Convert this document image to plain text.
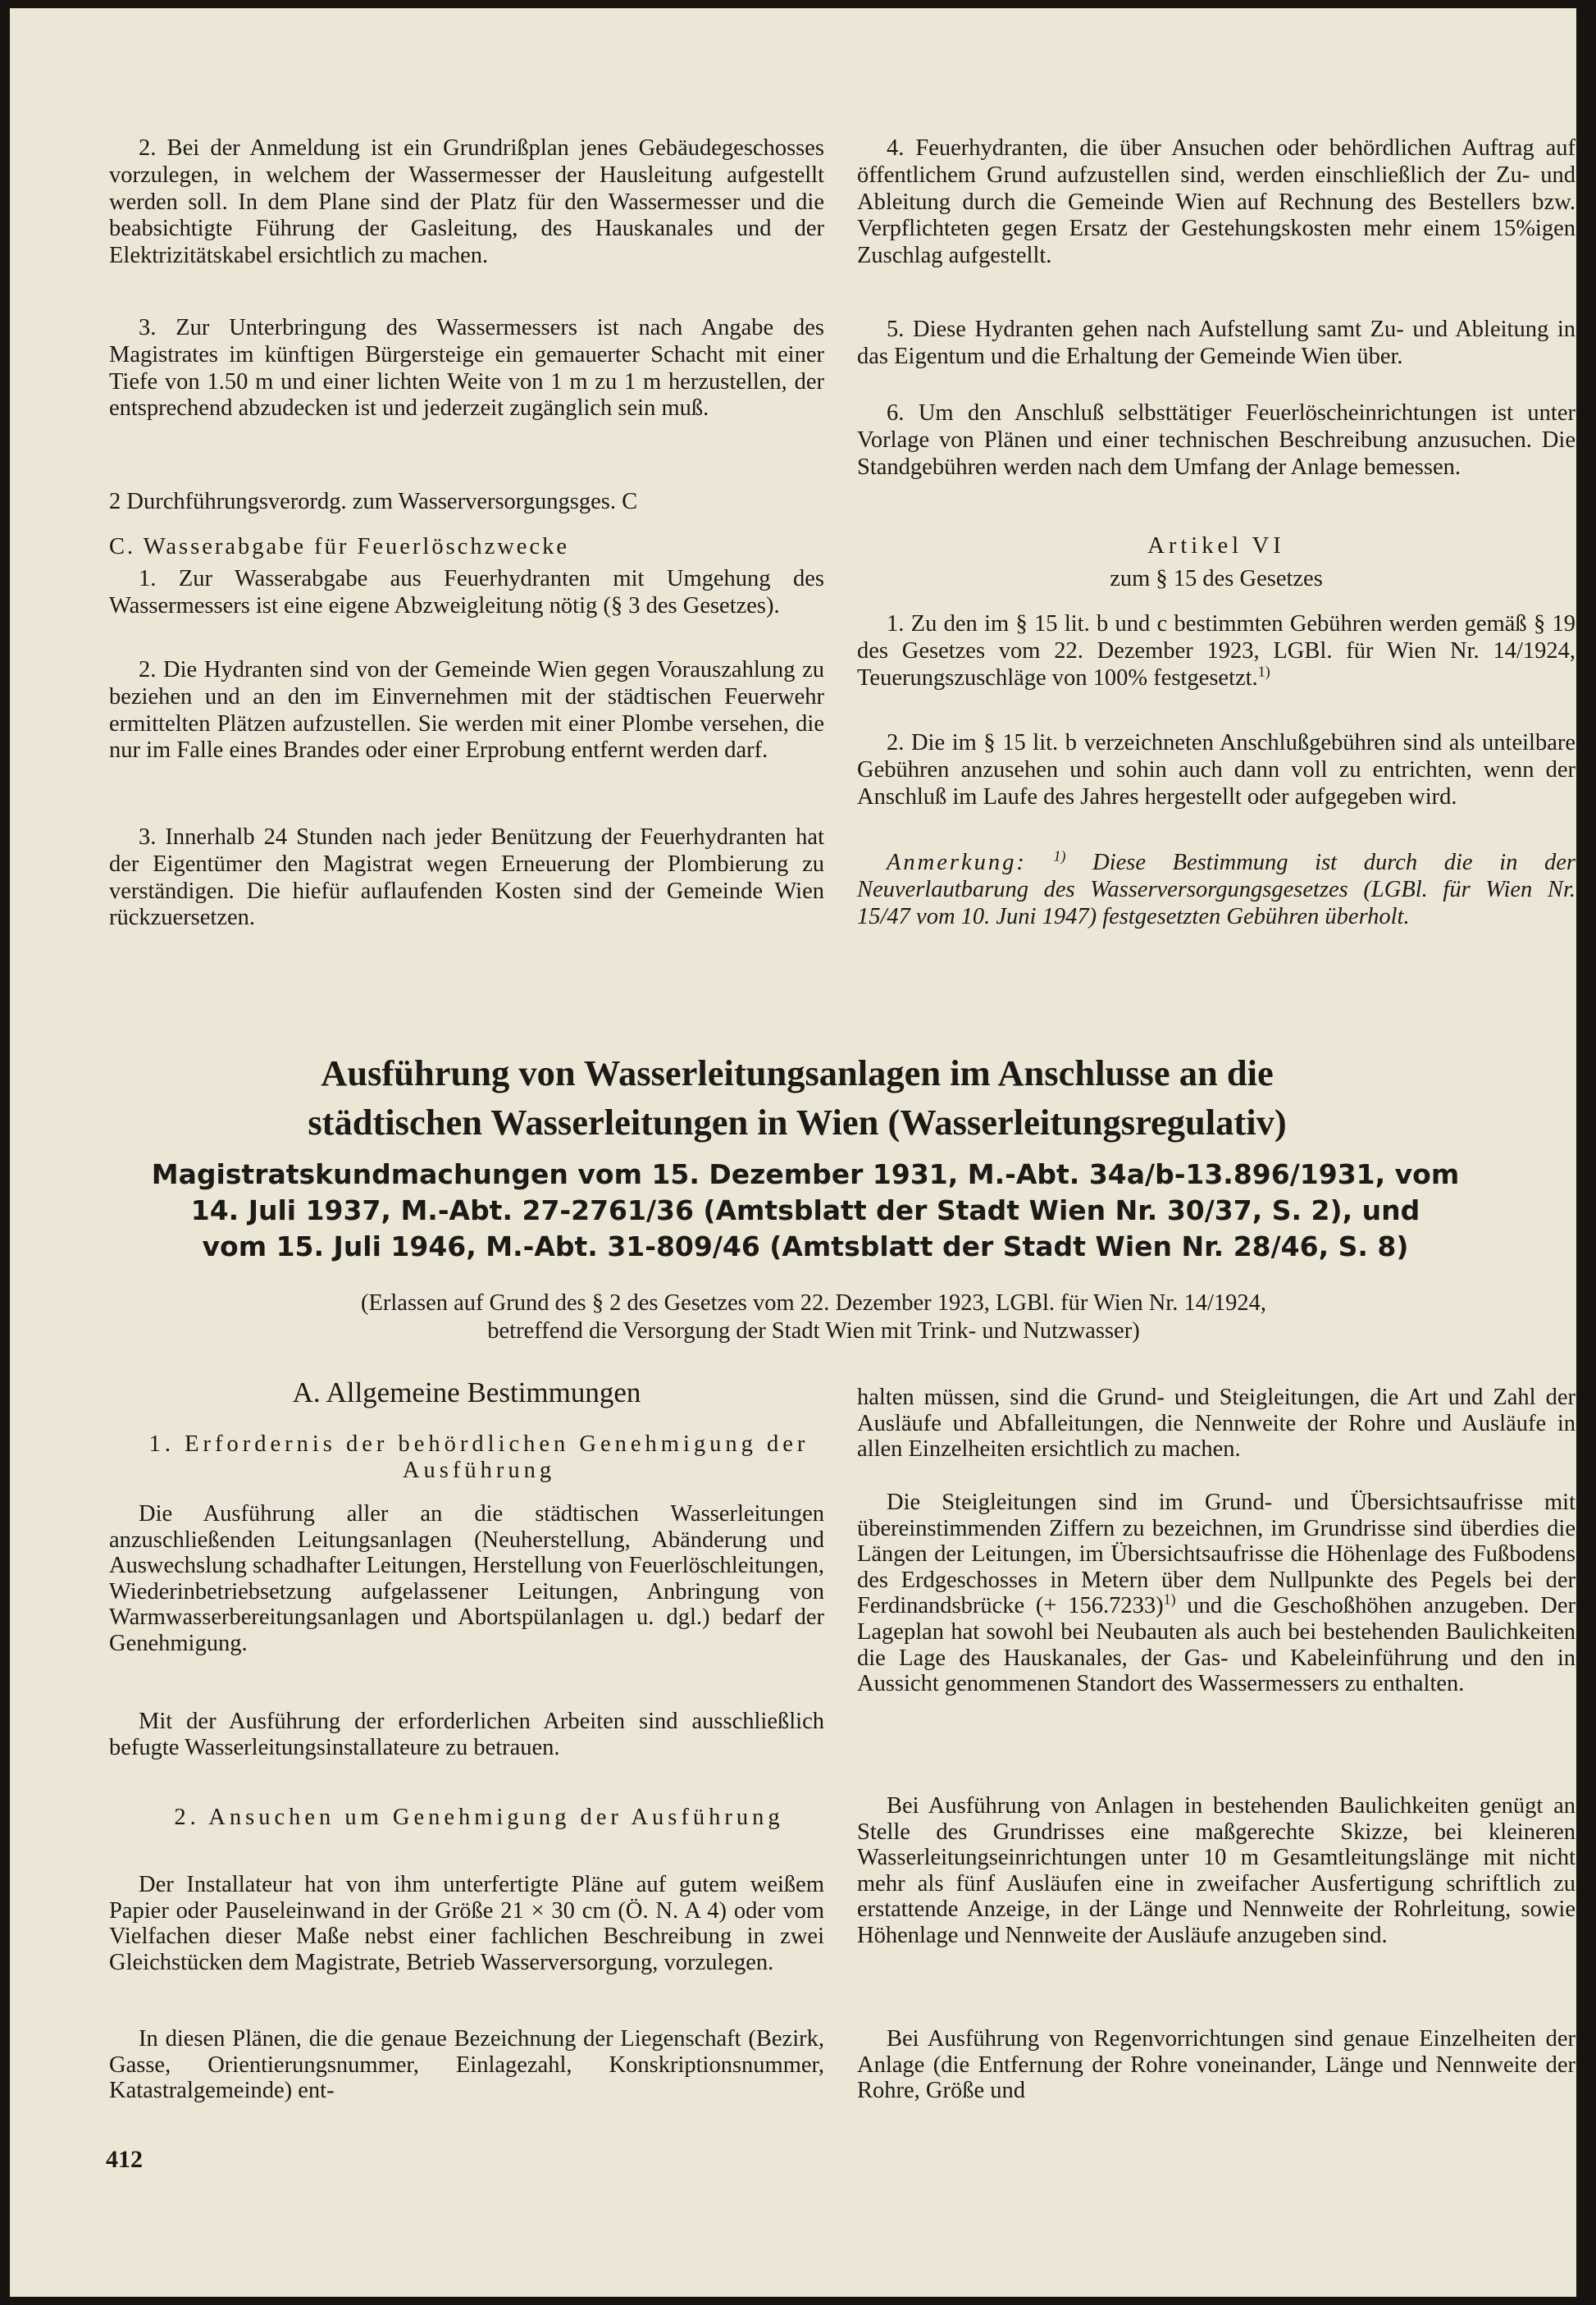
2. Bei der Anmeldung ist ein Grundrißplan jenes Gebäudegeschosses vorzulegen, in welchem der Wassermesser der Hausleitung aufgestellt werden soll. In dem Plane sind der Platz für den Wassermesser und die beabsichtigte Führung der Gasleitung, des Hauskanales und der Elektrizitätskabel ersichtlich zu machen.

3. Zur Unterbringung des Wassermessers ist nach Angabe des Magistrates im künftigen Bürgersteige ein gemauerter Schacht mit einer Tiefe von 1.50 m und einer lichten Weite von 1 m zu 1 m herzustellen, der entsprechend abzudecken ist und jederzeit zugänglich sein muß.

2 Durchführungsverordg. zum Wasserversorgungsges. C

C. Wasserabgabe für Feuerlöschzwecke

1. Zur Wasserabgabe aus Feuerhydranten mit Umgehung des Wassermessers ist eine eigene Abzweigleitung nötig (§ 3 des Gesetzes).

2. Die Hydranten sind von der Gemeinde Wien gegen Vorauszahlung zu beziehen und an den im Einvernehmen mit der städtischen Feuerwehr ermittelten Plätzen aufzustellen. Sie werden mit einer Plombe versehen, die nur im Falle eines Brandes oder einer Erprobung entfernt werden darf.

3. Innerhalb 24 Stunden nach jeder Benützung der Feuerhydranten hat der Eigentümer den Magistrat wegen Erneuerung der Plombierung zu verständigen. Die hiefür auflaufenden Kosten sind der Gemeinde Wien rückzuersetzen.

4. Feuerhydranten, die über Ansuchen oder behördlichen Auftrag auf öffentlichem Grund aufzustellen sind, werden einschließlich der Zu- und Ableitung durch die Gemeinde Wien auf Rechnung des Bestellers bzw. Verpflichteten gegen Ersatz der Gestehungskosten mehr einem 15%igen Zuschlag aufgestellt.

5. Diese Hydranten gehen nach Aufstellung samt Zu- und Ableitung in das Eigentum und die Erhaltung der Gemeinde Wien über.

6. Um den Anschluß selbsttätiger Feuerlöscheinrichtungen ist unter Vorlage von Plänen und einer technischen Beschreibung anzusuchen. Die Standgebühren werden nach dem Umfang der Anlage bemessen.

Artikel VI

zum § 15 des Gesetzes

1. Zu den im § 15 lit. b und c bestimmten Gebühren werden gemäß § 19 des Gesetzes vom 22. Dezember 1923, LGBl. für Wien Nr. 14/1924, Teuerungszuschläge von 100% festgesetzt.$^{1)}$

2. Die im § 15 lit. b verzeichneten Anschlußgebühren sind als unteilbare Gebühren anzusehen und sohin auch dann voll zu entrichten, wenn der Anschluß im Laufe des Jahres hergestellt oder aufgegeben wird.

Anmerkung: $^{1)}$ Diese Bestimmung ist durch die in der Neuverlautbarung des Wasserversorgungsgesetzes (LGBl. für Wien Nr. 15/47 vom 10. Juni 1947) festgesetzten Gebühren überholt.

Ausführung von Wasserleitungsanlagen im Anschlusse an die

städtischen Wasserleitungen in Wien (Wasserleitungsregulativ)

Magistratskundmachungen vom 15. Dezember 1931, M.-Abt. 34a/b-13.896/1931, vom

14. Juli 1937, M.-Abt. 27-2761/36 (Amtsblatt der Stadt Wien Nr. 30/37, S. 2), und

vom 15. Juli 1946, M.-Abt. 31-809/46 (Amtsblatt der Stadt Wien Nr. 28/46, S. 8)

(Erlassen auf Grund des § 2 des Gesetzes vom 22. Dezember 1923, LGBl. für Wien Nr. 14/1924,

betreffend die Versorgung der Stadt Wien mit Trink- und Nutzwasser)

A. Allgemeine Bestimmungen

1. Erfordernis der behördlichen Genehmigung der Ausführung

Die Ausführung aller an die städtischen Wasserleitungen anzuschließenden Leitungsanlagen (Neuherstellung, Abänderung und Auswechslung schadhafter Leitungen, Herstellung von Feuerlöschleitungen, Wiederinbetriebsetzung aufgelassener Leitungen, Anbringung von Warmwasserbereitungsanlagen und Abortspülanlagen u. dgl.) bedarf der Genehmigung.

Mit der Ausführung der erforderlichen Arbeiten sind ausschließlich befugte Wasserleitungsinstallateure zu betrauen.

2. Ansuchen um Genehmigung der Ausführung

Der Installateur hat von ihm unterfertigte Pläne auf gutem weißem Papier oder Pauseleinwand in der Größe 21 × 30 cm (Ö. N. A 4) oder vom Vielfachen dieser Maße nebst einer fachlichen Beschreibung in zwei Gleichstücken dem Magistrate, Betrieb Wasserversorgung, vorzulegen.

In diesen Plänen, die die genaue Bezeichnung der Liegenschaft (Bezirk, Gasse, Orientierungsnummer, Einlagezahl, Konskriptionsnummer, Katastralgemeinde) ent-

halten müssen, sind die Grund- und Steigleitungen, die Art und Zahl der Ausläufe und Abfalleitungen, die Nennweite der Rohre und Ausläufe in allen Einzelheiten ersichtlich zu machen.

Die Steigleitungen sind im Grund- und Übersichtsaufrisse mit übereinstimmenden Ziffern zu bezeichnen, im Grundrisse sind überdies die Längen der Leitungen, im Übersichtsaufrisse die Höhenlage des Fußbodens des Erdgeschosses in Metern über dem Nullpunkte des Pegels bei der Ferdinandsbrücke (+ 156.7233)$^{1)}$ und die Geschoßhöhen anzugeben. Der Lageplan hat sowohl bei Neubauten als auch bei bestehenden Baulichkeiten die Lage des Hauskanales, der Gas- und Kabeleinführung und den in Aussicht genommenen Standort des Wassermessers zu enthalten.

Bei Ausführung von Anlagen in bestehenden Baulichkeiten genügt an Stelle des Grundrisses eine maßgerechte Skizze, bei kleineren Wasserleitungseinrichtungen unter 10 m Gesamtleitungslänge mit nicht mehr als fünf Ausläufen eine in zweifacher Ausfertigung schriftlich zu erstattende Anzeige, in der Länge und Nennweite der Rohrleitung, sowie Höhenlage und Nennweite der Ausläufe anzugeben sind.

Bei Ausführung von Regenvorrichtungen sind genaue Einzelheiten der Anlage (die Entfernung der Rohre voneinander, Länge und Nennweite der Rohre, Größe und

412
